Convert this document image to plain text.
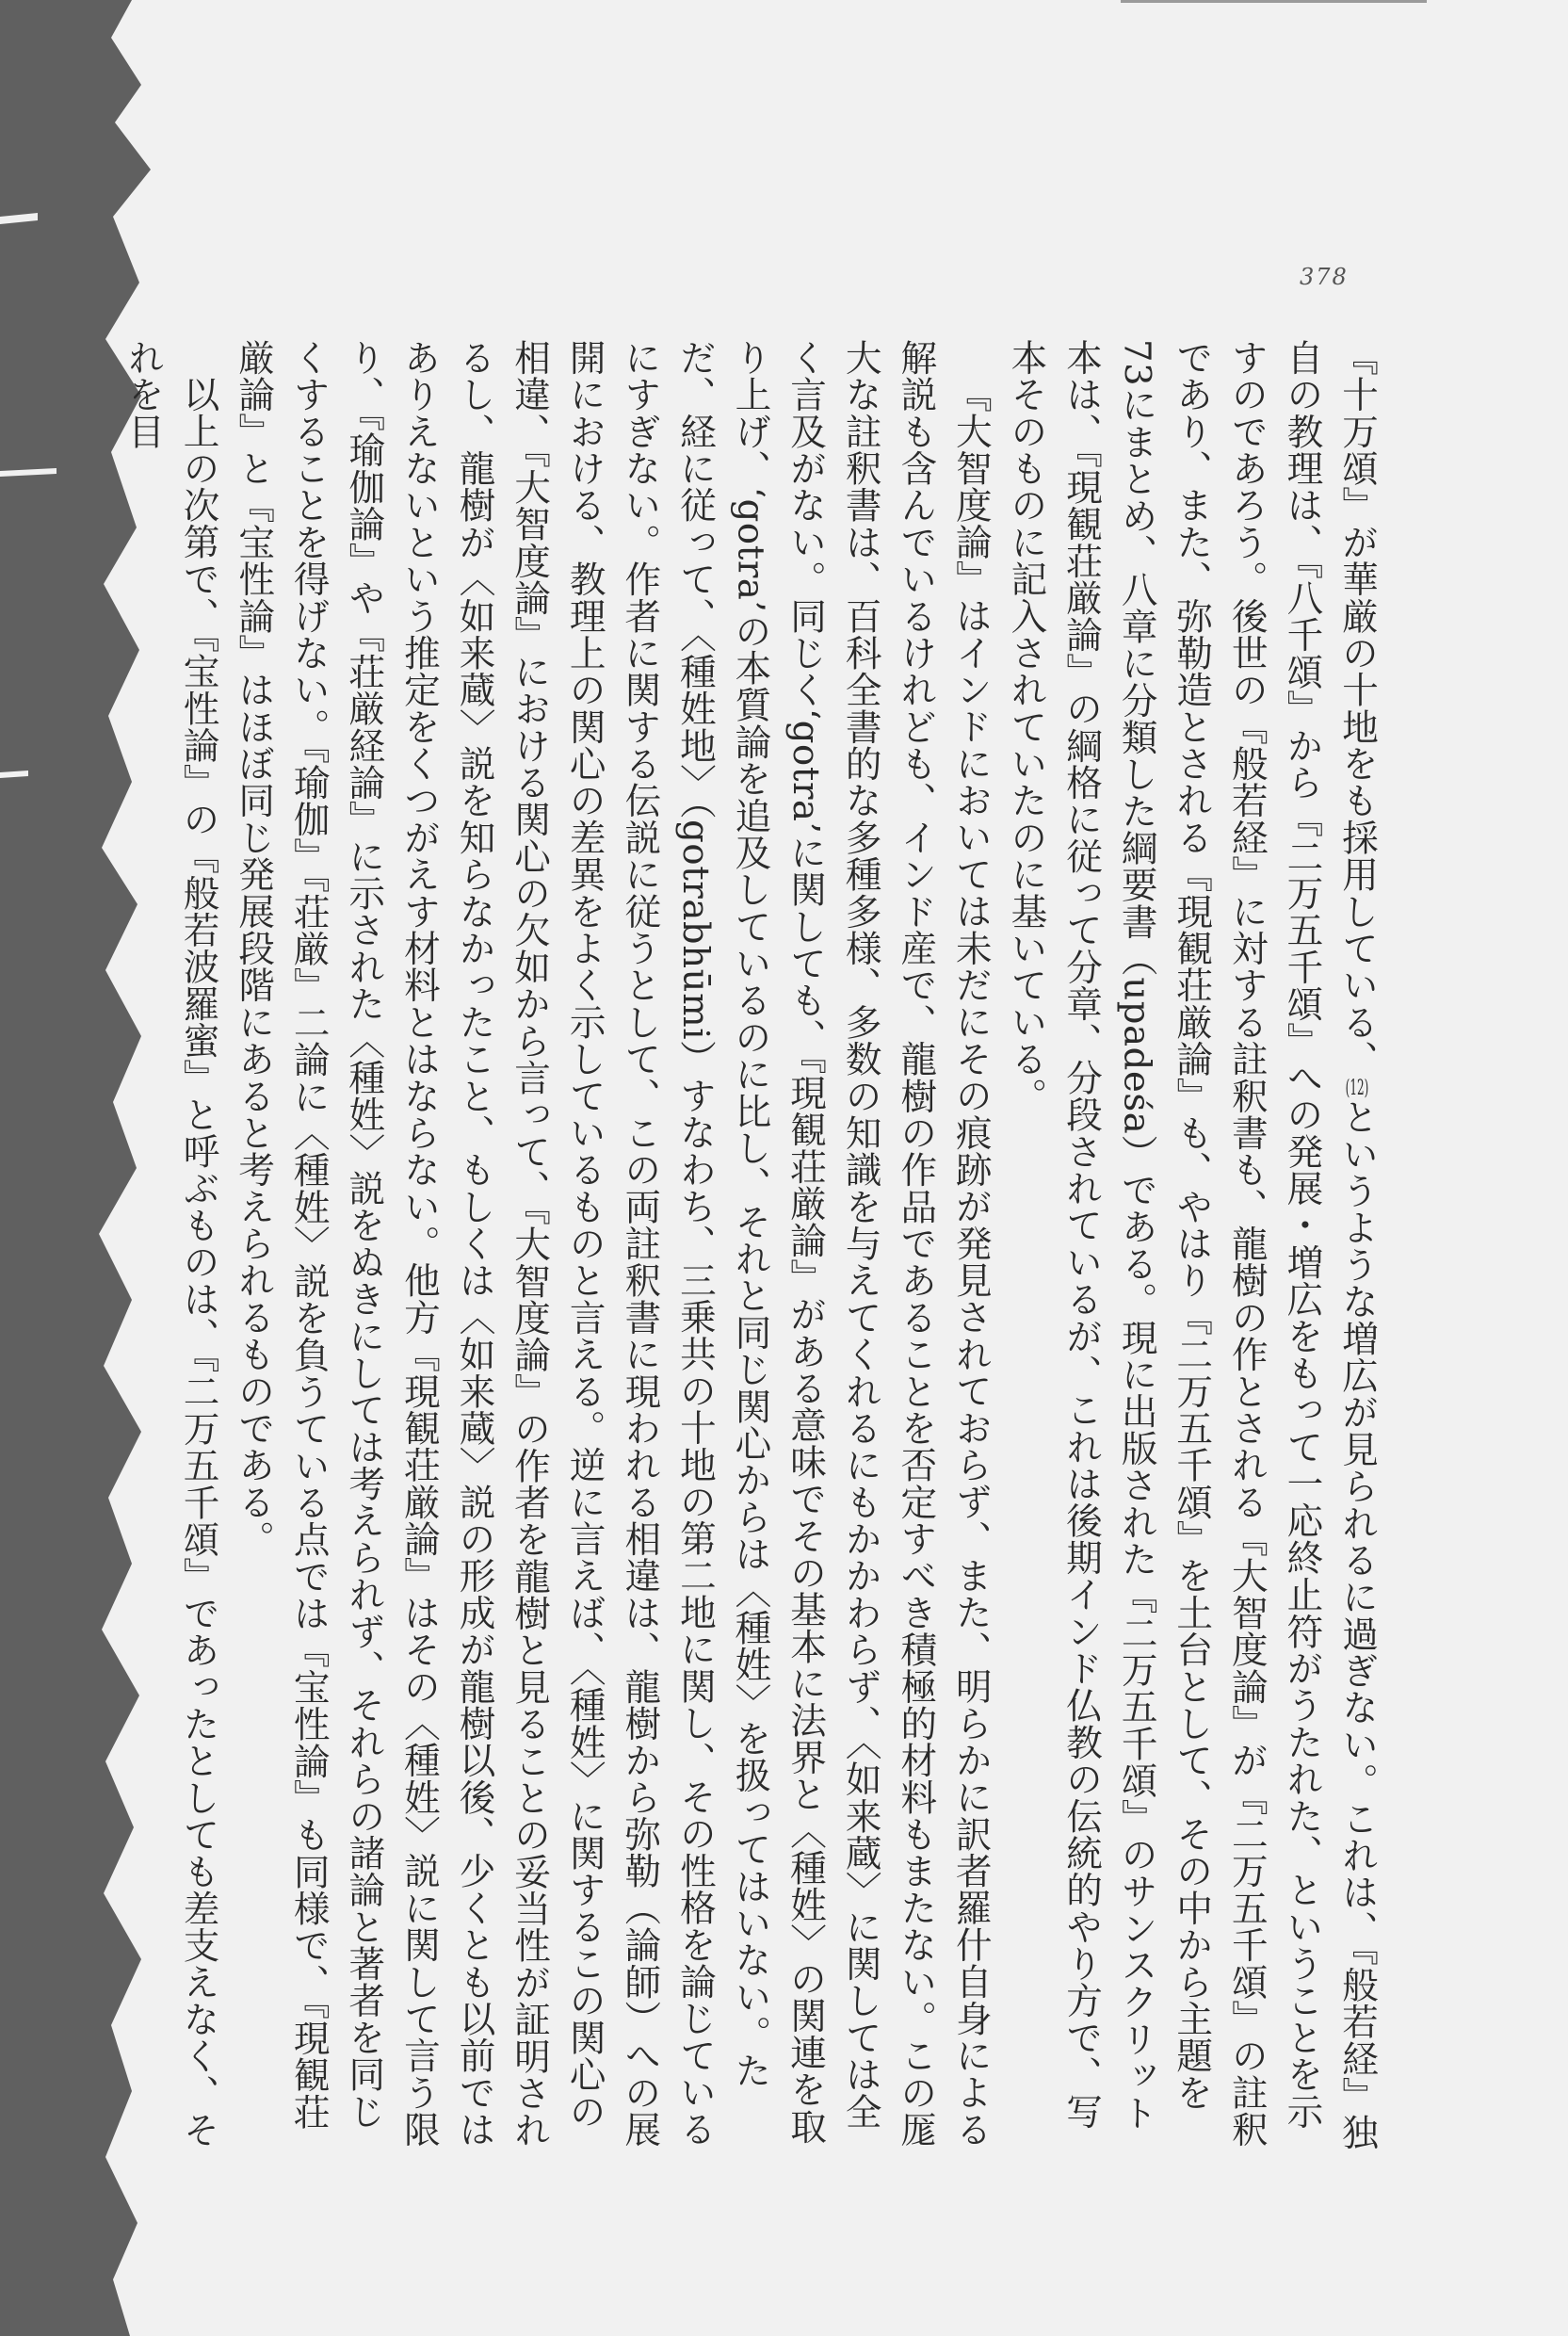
378

『十万頌』が華厳の十地をも採用している、$^{(12)}$というような増広が見られるに過ぎない。これは、『般若経』独自の教理は、『八千頌』から『二万五千頌』への発展・増広をもって一応終止符がうたれた、ということを示すのであろう。後世の『般若経』に対する註釈書も、龍樹の作とされる『大智度論』が『二万五千頌』の註釈であり、また、弥勒造とされる『現観荘厳論』も、やはり『二万五千頌』を土台として、その中から主題を73にまとめ、八章に分類した綱要書（upadeśa）である。現に出版された『二万五千頌』のサンスクリット本は、『現観荘厳論』の綱格に従って分章、分段されているが、これは後期インド仏教の伝統的やり方で、写本そのものに記入されていたのに基いている。

『大智度論』はインドにおいては未だにその痕跡が発見されておらず、また、明らかに訳者羅什自身による解説も含んでいるけれども、インド産で、龍樹の作品であることを否定すべき積極的材料もまたない。この厖大な註釈書は、百科全書的な多種多様、多数の知識を与えてくれるにもかかわらず、〈如来蔵〉に関しては全く言及がない。同じく‘gotra’に関しても、『現観荘厳論』がある意味でその基本に法界と〈種姓〉の関連を取り上げ、‘gotra’の本質論を追及しているのに比し、それと同じ関心からは〈種姓〉を扱ってはいない。ただ、経に従って、〈種姓地〉（gotrabhūmi）すなわち、三乗共の十地の第二地に関し、その性格を論じているにすぎない。作者に関する伝説に従うとして、この両註釈書に現われる相違は、龍樹から弥勒（論師）への展開における、教理上の関心の差異をよく示しているものと言える。逆に言えば、〈種姓〉に関するこの関心の相違、『大智度論』における関心の欠如から言って、『大智度論』の作者を龍樹と見ることの妥当性が証明されるし、龍樹が〈如来蔵〉説を知らなかったこと、もしくは〈如来蔵〉説の形成が龍樹以後、少くとも以前ではありえないという推定をくつがえす材料とはならない。他方『現観荘厳論』はその〈種姓〉説に関して言う限り、『瑜伽論』や『荘厳経論』に示された〈種姓〉説をぬきにしては考えられず、それらの諸論と著者を同じくすることを得げない。『瑜伽』『荘厳』二論に〈種姓〉説を負うている点では『宝性論』も同様で、『現観荘厳論』と『宝性論』はほぼ同じ発展段階にあると考えられるものである。

以上の次第で、『宝性論』の『般若波羅蜜』と呼ぶものは、『二万五千頌』であったとしても差支えなく、それを目
